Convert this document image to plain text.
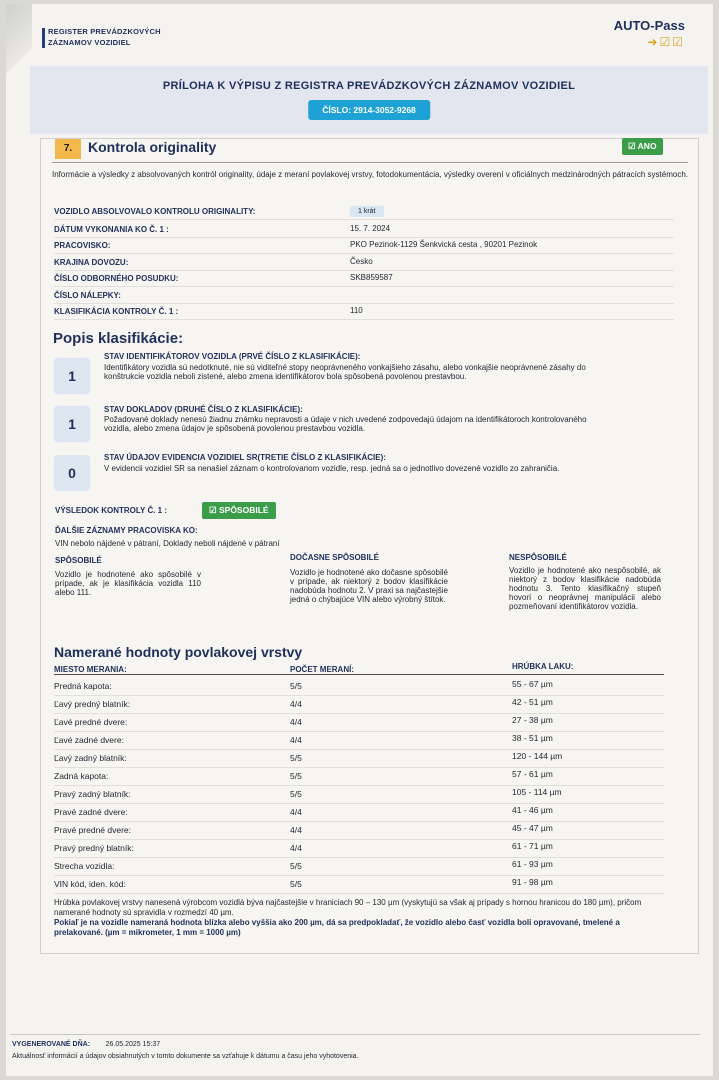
REGISTER PREVÁDZKOVÝCH
ZÁZNAMOV VOZIDIEL
AUTO-Pass
➜☑☑
PRÍLOHA K VÝPISU Z REGISTRA PREVÁDZKOVÝCH ZÁZNAMOV VOZIDIEL
ČÍSLO: 2914-3052-9268
7.	Kontrola originality	☑ ANO
Informácie a výsledky z absolvovaných kontról originality, údaje z meraní povlakovej vrstvy, fotodokumentácia, výsledky overení v oficiálnych medzinárodných pátracích systémoch.
VOZIDLO ABSOLVOVALO KONTROLU ORIGINALITY:	1 krát
DÁTUM VYKONANIA KO Č. 1 :	15. 7. 2024
PRACOVISKO:	PKO Pezinok-1129 Šenkvická cesta , 90201 Pezinok
KRAJINA DOVOZU:	Česko
ČÍSLO ODBORNÉHO POSUDKU:	SKB859587
ČÍSLO NÁLEPKY:
KLASIFIKÁCIA KONTROLY Č. 1 :	110
Popis klasifikácie:
1
STAV IDENTIFIKÁTOROV VOZIDLA (PRVÉ ČÍSLO Z KLASIFIKÁCIE):
Identifikátory vozidla sú nedotknuté, nie sú viditeľné stopy neoprávneného vonkajšieho zásahu, alebo vonkajšie neoprávnené zásahy do konštrukcie vozidla neboli zistené, alebo zmena identifikátorov bola spôsobená povolenou prestavbou.
1
STAV DOKLADOV (DRUHÉ ČÍSLO Z KLASIFIKÁCIE):
Požadované doklady nenesú žiadnu známku nepravosti a údaje v nich uvedené zodpovedajú údajom na identifikátoroch kontrolovaného vozidla, alebo zmena údajov je spôsobená povolenou prestavbou vozidla.
0
STAV ÚDAJOV EVIDENCIA VOZIDIEL SR(TRETIE ČÍSLO Z KLASIFIKÁCIE):
V evidencii vozidiel SR sa nenašiel záznam o kontrolovanom vozidle, resp. jedná sa o jednotlivo dovezené vozidlo zo zahraničia.
VÝSLEDOK KONTROLY Č. 1 :	☑ SPÔSOBILÉ
ĎALŠIE ZÁZNAMY PRACOVISKA KO:
VIN nebolo nájdené v pátraní, Doklady neboli nájdené v pátraní
SPÔSOBILÉ
Vozidlo je hodnotené ako spôsobilé v prípade, ak je klasifikácia vozidla 110 alebo 111.
DOČASNE SPÔSOBILÉ
Vozidlo je hodnotené ako dočasne spôsobilé v prípade, ak niektorý z bodov klasifikácie nadobúda hodnotu 2. V praxi sa najčastejšie jedná o chýbajúce VIN alebo výrobný štítok.
NESPÔSOBILÉ
Vozidlo je hodnotené ako nespôsobilé, ak niektorý z bodov klasifikácie nadobúda hodnotu 3. Tento klasifikačný stupeň hovorí o neoprávnej manipulácii alebo pozmeňovaní identifikátorov vozidla.
Namerané hodnoty povlakovej vrstvy
MIESTO MERANIA:	POČET MERANÍ:	HRÚBKA LAKU:
Predná kapota:	5/5	55 - 67 µm
Ľavý predný blatník:	4/4	42 - 51 µm
Ľavé predné dvere:	4/4	27 - 38 µm
Ľavé zadné dvere:	4/4	38 - 51 µm
Ľavý zadný blatník:	5/5	120 - 144 µm
Zadná kapota:	5/5	57 - 61 µm
Pravý zadný blatník:	5/5	105 - 114 µm
Pravé zadné dvere:	4/4	41 - 46 µm
Pravé predné dvere:	4/4	45 - 47 µm
Pravý predný blatník:	4/4	61 - 71 µm
Strecha vozidla:	5/5	61 - 93 µm
VIN kód, iden. kód:	5/5	91 - 98 µm
Hrúbka povlakovej vrstvy nanesená výrobcom vozidlá býva najčastejšie v hraniciach 90 – 130 µm (vyskytujú sa však aj prípady s hornou hranicou do 180 µm), pričom namerané hodnoty sú spravidla v rozmedzí 40 µm.
Pokiaľ je na vozidle nameraná hodnota blízka alebo vyššia ako 200 µm, dá sa predpokladať, že vozidlo alebo časť vozidla boli opravované, tmelené a prelakované. (µm = mikrometer, 1 mm = 1000 µm)
VYGENEROVANÉ DŇA: 26.05.2025 15:37
Aktuálnosť informácií a údajov obsiahnutých v tomto dokumente sa vzťahuje k dátumu a času jeho vyhotovenia.
